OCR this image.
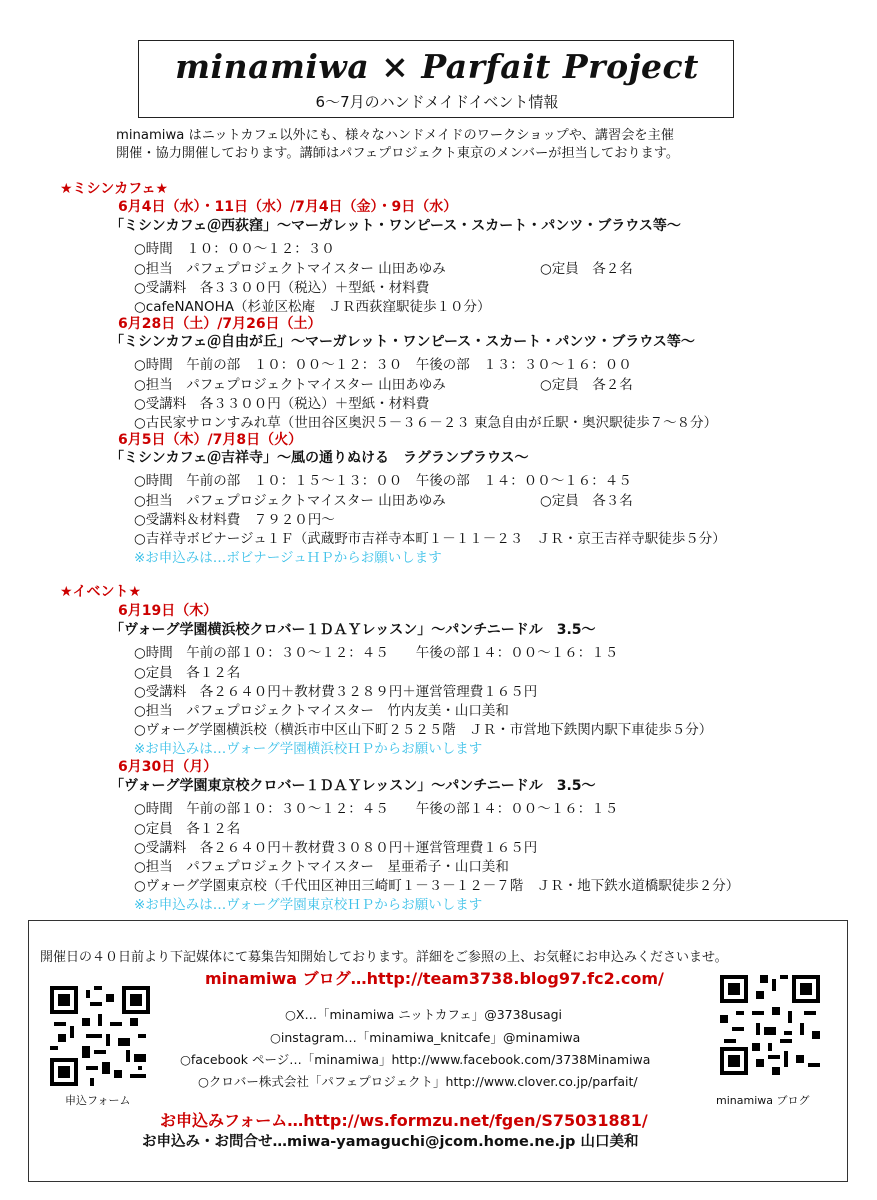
minamiwa × Parfait Project
6～7月のハンドメイドイベント情報
minamiwa はニットカフェ以外にも、様々なハンドメイドのワークショップや、講習会を主催
開催・協力開催しております。講師はパフェプロジェクト東京のメンバーが担当しております。
★ミシンカフェ★
6月4日（水）・11日（水）/7月4日（金）・9日（水）
「ミシンカフェ＠西荻窪」～マーガレット・ワンピース・スカート・パンツ・ブラウス等～
○時間　１０：００～１２：３０
○担当　パフェプロジェクトマイスター 山田あゆみ	○定員　各２名
○受講料　各３３００円（税込）＋型紙・材料費
○cafeNANOHA（杉並区松庵　ＪＲ西荻窪駅徒歩１０分）
6月28日（土）/7月26日（土）
「ミシンカフェ＠自由が丘」～マーガレット・ワンピース・スカート・パンツ・ブラウス等～
○時間　午前の部　１０：００～１２：３０　午後の部　１３：３０～１６：００
○担当　パフェプロジェクトマイスター 山田あゆみ	○定員　各２名
○受講料　各３３００円（税込）＋型紙・材料費
○古民家サロンすみれ草（世田谷区奥沢５－３６－２３ 東急自由が丘駅・奥沢駅徒歩７～８分）
6月5日（木）/7月8日（火）
「ミシンカフェ＠吉祥寺」～風の通りぬける　ラグランブラウス～
○時間　午前の部　１０：１５～１３：００　午後の部　１４：００～１６：４５
○担当　パフェプロジェクトマイスター 山田あゆみ	○定員　各３名
○受講料＆材料費　７９２０円～
○吉祥寺ボビナージュ１Ｆ（武蔵野市吉祥寺本町１－１１－２３　ＪＲ・京王吉祥寺駅徒歩５分）
※お申込みは…ボビナージュＨＰからお願いします
★イベント★
6月19日（木）
「ヴォーグ学園横浜校クロバー１ＤＡＹレッスン」～パンチニードル　3.5～
○時間　午前の部１０：３０～１２：４５　　午後の部１４：００～１６：１５
○定員　各１２名
○受講料　各２６４０円＋教材費３２８９円＋運営管理費１６５円
○担当　パフェプロジェクトマイスター　竹内友美・山口美和
○ヴォーグ学園横浜校（横浜市中区山下町２５２５階　ＪＲ・市営地下鉄関内駅下車徒歩５分）
※お申込みは…ヴォーグ学園横浜校ＨＰからお願いします
6月30日（月）
「ヴォーグ学園東京校クロバー１ＤＡＹレッスン」～パンチニードル　3.5～
○時間　午前の部１０：３０～１２：４５　　午後の部１４：００～１６：１５
○定員　各１２名
○受講料　各２６４０円＋教材費３０８０円＋運営管理費１６５円
○担当　パフェプロジェクトマイスター　星亜希子・山口美和
○ヴォーグ学園東京校（千代田区神田三崎町１－３－１２－７階　ＪＲ・地下鉄水道橋駅徒歩２分）
※お申込みは…ヴォーグ学園東京校ＨＰからお願いします
開催日の４０日前より下記媒体にて募集告知開始しております。詳細をご参照の上、お気軽にお申込みくださいませ。
minamiwa ブログ…http://team3738.blog97.fc2.com/
申込フォーム	minamiwa ブログ
○X…「minamiwa ニットカフェ」@3738usagi
○instagram…「minamiwa_knitcafe」@minamiwa
○facebook ページ…「minamiwa」http://www.facebook.com/3738Minamiwa
○クロバー株式会社「パフェプロジェクト」http://www.clover.co.jp/parfait/
お申込みフォーム…http://ws.formzu.net/fgen/S75031881/
お申込み・お問合せ…miwa-yamaguchi@jcom.home.ne.jp 山口美和
